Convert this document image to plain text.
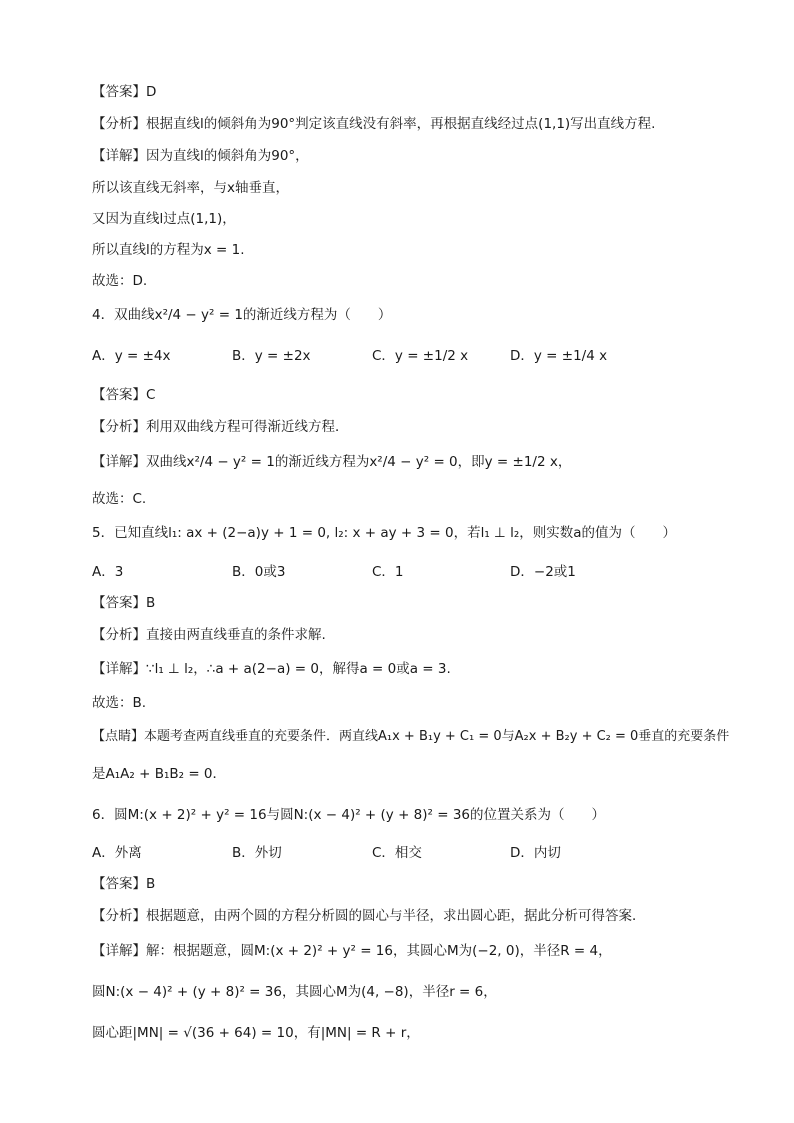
【答案】D
【分析】根据直线l的倾斜角为90°判定该直线没有斜率，再根据直线经过点(1,1)写出直线方程.
【详解】因为直线l的倾斜角为90°，
所以该直线无斜率，与x轴垂直，
又因为直线l过点(1,1)，
所以直线l的方程为x = 1.
故选：D.
4．双曲线x²/4 − y² = 1的渐近线方程为（　　）
A．y = ±4x	B．y = ±2x	C．y = ±1/2 x	D．y = ±1/4 x
【答案】C
【分析】利用双曲线方程可得渐近线方程．
【详解】双曲线x²/4 − y² = 1的渐近线方程为x²/4 − y² = 0，即y = ±1/2 x，
故选：C.
5．已知直线l₁: ax + (2−a)y + 1 = 0, l₂: x + ay + 3 = 0，若l₁ ⊥ l₂，则实数a的值为（　　）
A．3	B．0或3	C．1	D．−2或1
【答案】B
【分析】直接由两直线垂直的条件求解.
【详解】∵l₁ ⊥ l₂，∴a + a(2−a) = 0，解得a = 0或a = 3.
故选：B.
【点睛】本题考查两直线垂直的充要条件．两直线A₁x + B₁y + C₁ = 0与A₂x + B₂y + C₂ = 0垂直的充要条件
是A₁A₂ + B₁B₂ = 0．
6．圆M:(x + 2)² + y² = 16与圆N:(x − 4)² + (y + 8)² = 36的位置关系为（　　）
A．外离	B．外切	C．相交	D．内切
【答案】B
【分析】根据题意，由两个圆的方程分析圆的圆心与半径，求出圆心距，据此分析可得答案．
【详解】解：根据题意，圆M:(x + 2)² + y² = 16，其圆心M为(−2, 0)，半径R = 4，
圆N:(x − 4)² + (y + 8)² = 36，其圆心M为(4, −8)，半径r = 6，
圆心距|MN| = √(36 + 64) = 10，有|MN| = R + r，
